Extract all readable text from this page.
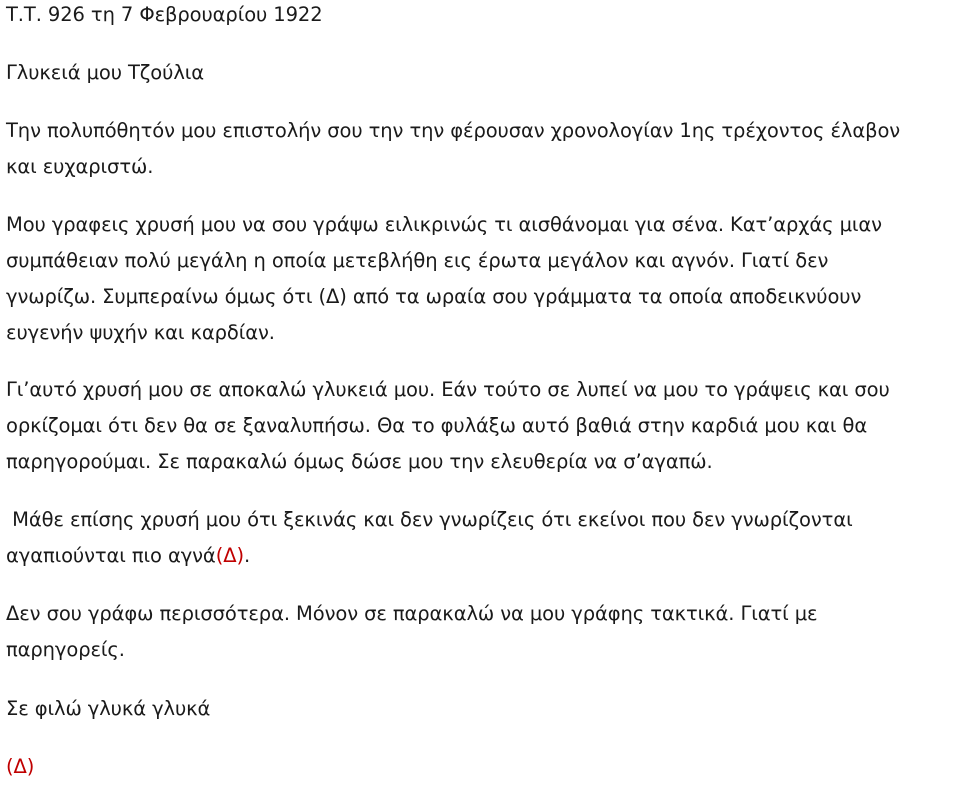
Τ.Τ. 926 τη 7 Φεβρουαρίου 1922
Γλυκειά μου Τζούλια
Την πολυπόθητόν μου επιστολήν σου την την φέρουσαν χρονολογίαν 1ης τρέχοντος έλαβον
και ευχαριστώ.
Μου γραφεις χρυσή μου να σου γράψω ειλικρινώς τι αισθάνομαι για σένα. Κατ’αρχάς μιαν
συμπάθειαν πολύ μεγάλη η οποία μετεβλήθη εις έρωτα μεγάλον και αγνόν. Γιατί δεν
γνωρίζω. Συμπεραίνω όμως ότι (Δ) από τα ωραία σου γράμματα τα οποία αποδεικνύουν
ευγενήν ψυχήν και καρδίαν.
Γι’αυτό χρυσή μου σε αποκαλώ γλυκειά μου. Εάν τούτο σε λυπεί να μου το γράψεις και σου
ορκίζομαι ότι δεν θα σε ξαναλυπήσω. Θα το φυλάξω αυτό βαθιά στην καρδιά μου και θα
παρηγορούμαι. Σε παρακαλώ όμως δώσε μου την ελευθερία να σ’αγαπώ.
Μάθε επίσης χρυσή μου ότι ξεκινάς και δεν γνωρίζεις ότι εκείνοι που δεν γνωρίζονται
αγαπιούνται πιο αγνά(Δ).
Δεν σου γράφω περισσότερα. Μόνον σε παρακαλώ να μου γράφης τακτικά. Γιατί με
παρηγορείς.
Σε φιλώ γλυκά γλυκά
(Δ)
